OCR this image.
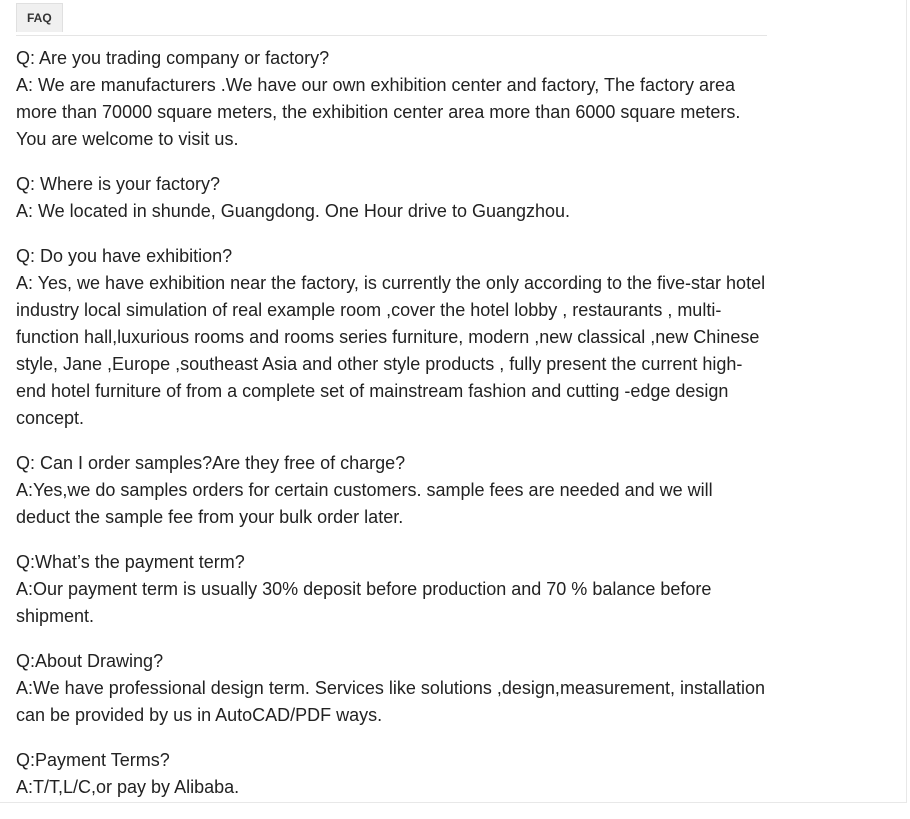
FAQ

Q: Are you trading company or factory?

A: We are manufacturers .We have our own exhibition center and factory, The factory area more than 70000 square meters, the exhibition center area more than 6000 square meters. You are welcome to visit us.

Q: Where is your factory?

A: We located in shunde, Guangdong. One Hour drive to Guangzhou.

Q: Do you have exhibition?

A: Yes, we have exhibition near the factory, is currently the only according to the five-star hotel industry local simulation of real example room ,cover the hotel lobby , restaurants , multi-function hall,luxurious rooms and rooms series furniture, modern ,new classical ,new Chinese style, Jane ,Europe ,southeast Asia and other style products , fully present the current high-end hotel furniture of from a complete set of mainstream fashion and cutting -edge design concept.

Q: Can I order samples?Are they free of charge?

A:Yes,we do samples orders for certain customers. sample fees are needed and we will deduct the sample fee from your bulk order later.

Q:What’s the payment term?

A:Our payment term is usually 30% deposit before production and 70 % balance before shipment.

Q:About Drawing?

A:We have professional design term. Services like solutions ,design,measurement, installation can be provided by us in AutoCAD/PDF ways.

Q:Payment Terms?

A:T/T,L/C,or pay by Alibaba.
